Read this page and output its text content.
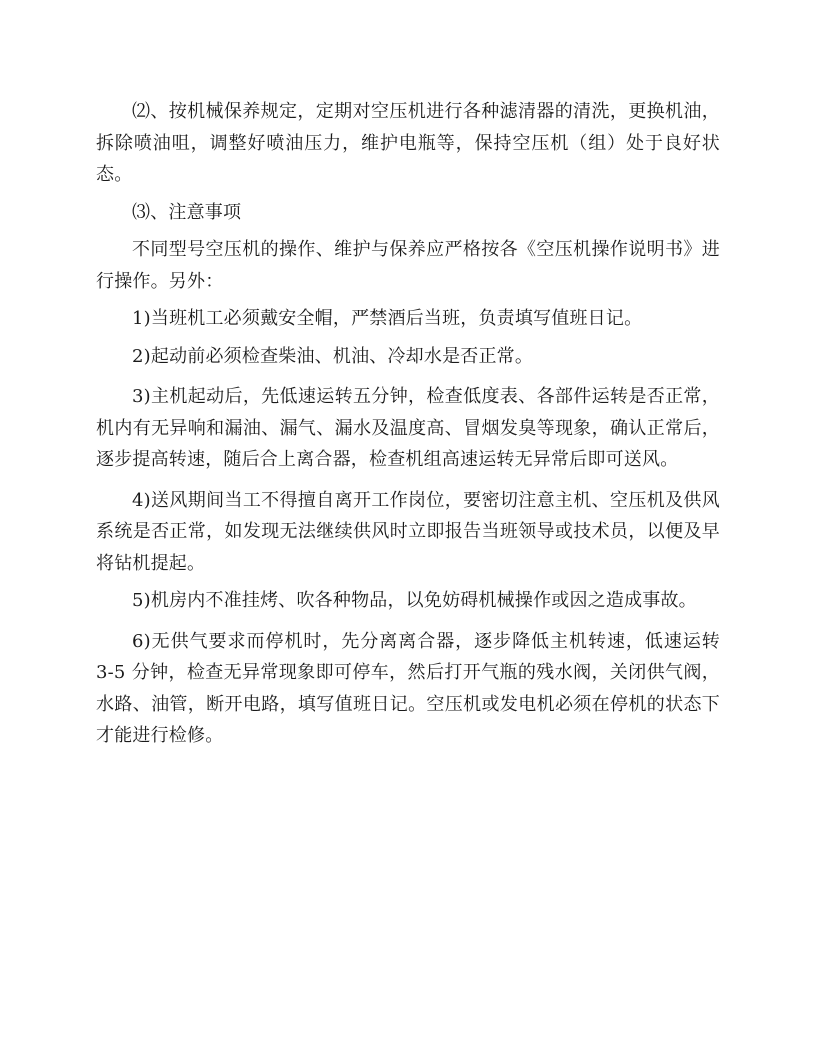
⑵、按机械保养规定，定期对空压机进行各种滤清器的清洗，更换机油，拆除喷油咀，调整好喷油压力，维护电瓶等，保持空压机（组）处于良好状态。

⑶、注意事项

不同型号空压机的操作、维护与保养应严格按各《空压机操作说明书》进行操作。另外：

1)当班机工必须戴安全帽，严禁酒后当班，负责填写值班日记。

2)起动前必须检查柴油、机油、冷却水是否正常。

3)主机起动后，先低速运转五分钟，检查低度表、各部件运转是否正常，机内有无异响和漏油、漏气、漏水及温度高、冒烟发臭等现象，确认正常后，逐步提高转速，随后合上离合器，检查机组高速运转无异常后即可送风。

4)送风期间当工不得擅自离开工作岗位，要密切注意主机、空压机及供风系统是否正常，如发现无法继续供风时立即报告当班领导或技术员，以便及早将钻机提起。

5)机房内不准挂烤、吹各种物品，以免妨碍机械操作或因之造成事故。

6)无供气要求而停机时，先分离离合器，逐步降低主机转速，低速运转 3-5 分钟，检查无异常现象即可停车，然后打开气瓶的残水阀，关闭供气阀，水路、油管，断开电路，填写值班日记。空压机或发电机必须在停机的状态下才能进行检修。
